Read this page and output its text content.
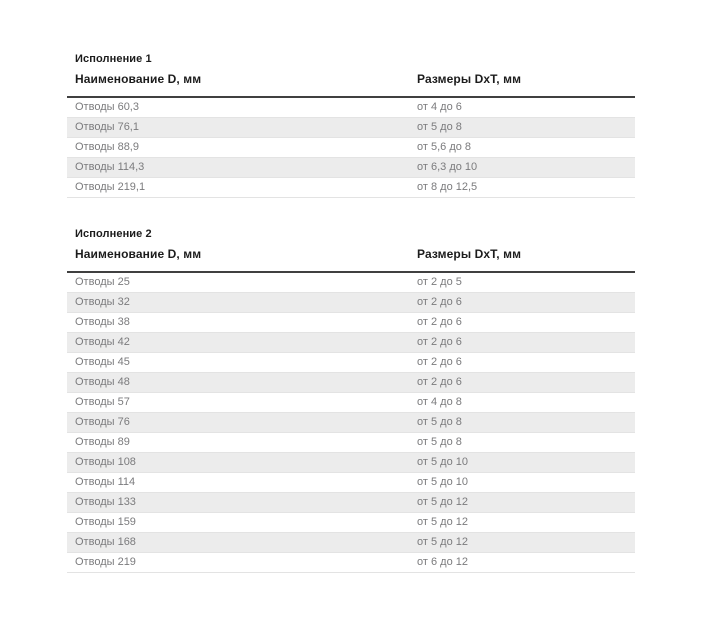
Исполнение 1
Наименование D, мм	Размеры DxT, мм
Отводы 60,3	от 4 до 6
Отводы 76,1	от 5 до 8
Отводы 88,9	от 5,6 до 8
Отводы 114,3	от 6,3 до 10
Отводы 219,1	от 8 до 12,5
Исполнение 2
Наименование D, мм	Размеры DxT, мм
Отводы 25	от 2 до 5
Отводы 32	от 2 до 6
Отводы 38	от 2 до 6
Отводы 42	от 2 до 6
Отводы 45	от 2 до 6
Отводы 48	от 2 до 6
Отводы 57	от 4 до 8
Отводы 76	от 5 до 8
Отводы 89	от 5 до 8
Отводы 108	от 5 до 10
Отводы 114	от 5 до 10
Отводы 133	от 5 до 12
Отводы 159	от 5 до 12
Отводы 168	от 5 до 12
Отводы 219	от 6 до 12
